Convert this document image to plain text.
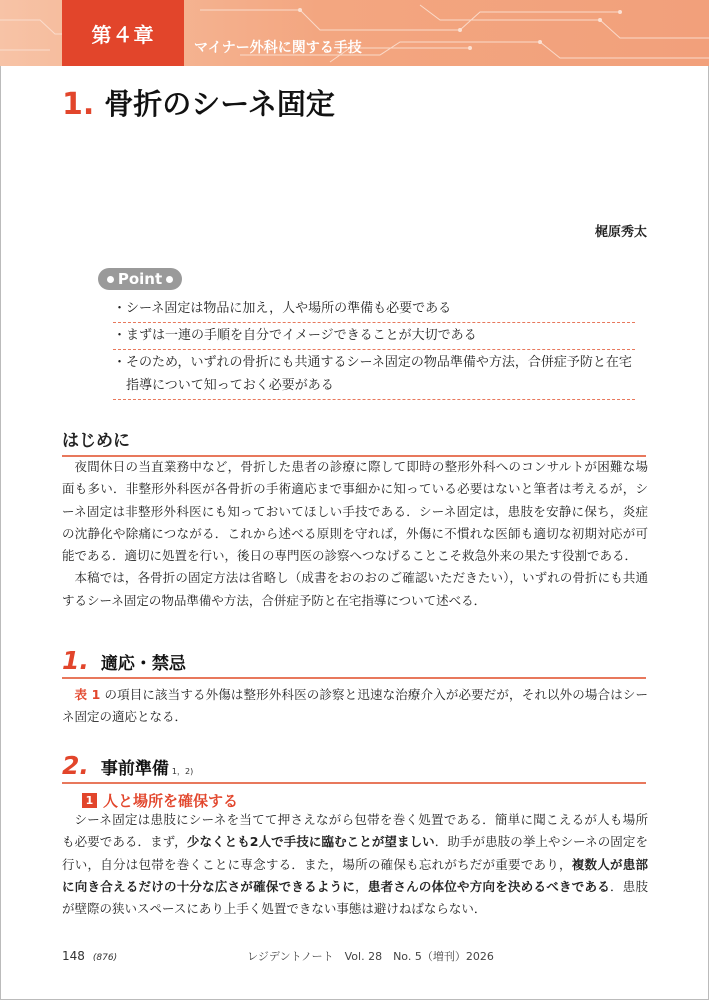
第４章
マイナー外科に関する手技
1. 骨折のシーネ固定
梶原秀太
Point
・シーネ固定は物品に加え，人や場所の準備も必要である
・まずは一連の手順を自分でイメージできることが大切である
・そのため，いずれの骨折にも共通するシーネ固定の物品準備や方法，合併症予防と在宅
　指導について知っておく必要がある
はじめに

夜間休日の当直業務中など，骨折した患者の診療に際して即時の整形外科へのコンサルトが困難な場面も多い．非整形外科医が各骨折の手術適応まで事細かに知っている必要はないと筆者は考えるが，シーネ固定は非整形外科医にも知っておいてほしい手技である．シーネ固定は，患肢を安静に保ち，炎症の沈静化や除痛につながる．これから述べる原則を守れば，外傷に不慣れな医師も適切な初期対応が可能である．適切に処置を行い，後日の専門医の診察へつなげることこそ救急外来の果たす役割である．

本稿では，各骨折の固定方法は省略し（成書をおのおのご確認いただきたい），いずれの骨折にも共通するシーネ固定の物品準備や方法，合併症予防と在宅指導について述べる．

1. 適応・禁忌

表 1 の項目に該当する外傷は整形外科医の診察と迅速な治療介入が必要だが，それ以外の場合はシーネ固定の適応となる．

2. 事前準備 1，2)
1 人と場所を確保する

シーネ固定は患肢にシーネを当てて押さえながら包帯を巻く処置である．簡単に聞こえるが人も場所も必要である．まず，少なくとも2人で手技に臨むことが望ましい．助手が患肢の挙上やシーネの固定を行い，自分は包帯を巻くことに専念する．また，場所の確保も忘れがちだが重要であり，複数人が患部に向き合えるだけの十分な広さが確保できるように，患者さんの体位や方向を決めるべきである．患肢が壁際の狭いスペースにあり上手く処置できない事態は避けねばならない．

148 (876)	レジデントノート　Vol. 28　No. 5（増刊）2026
